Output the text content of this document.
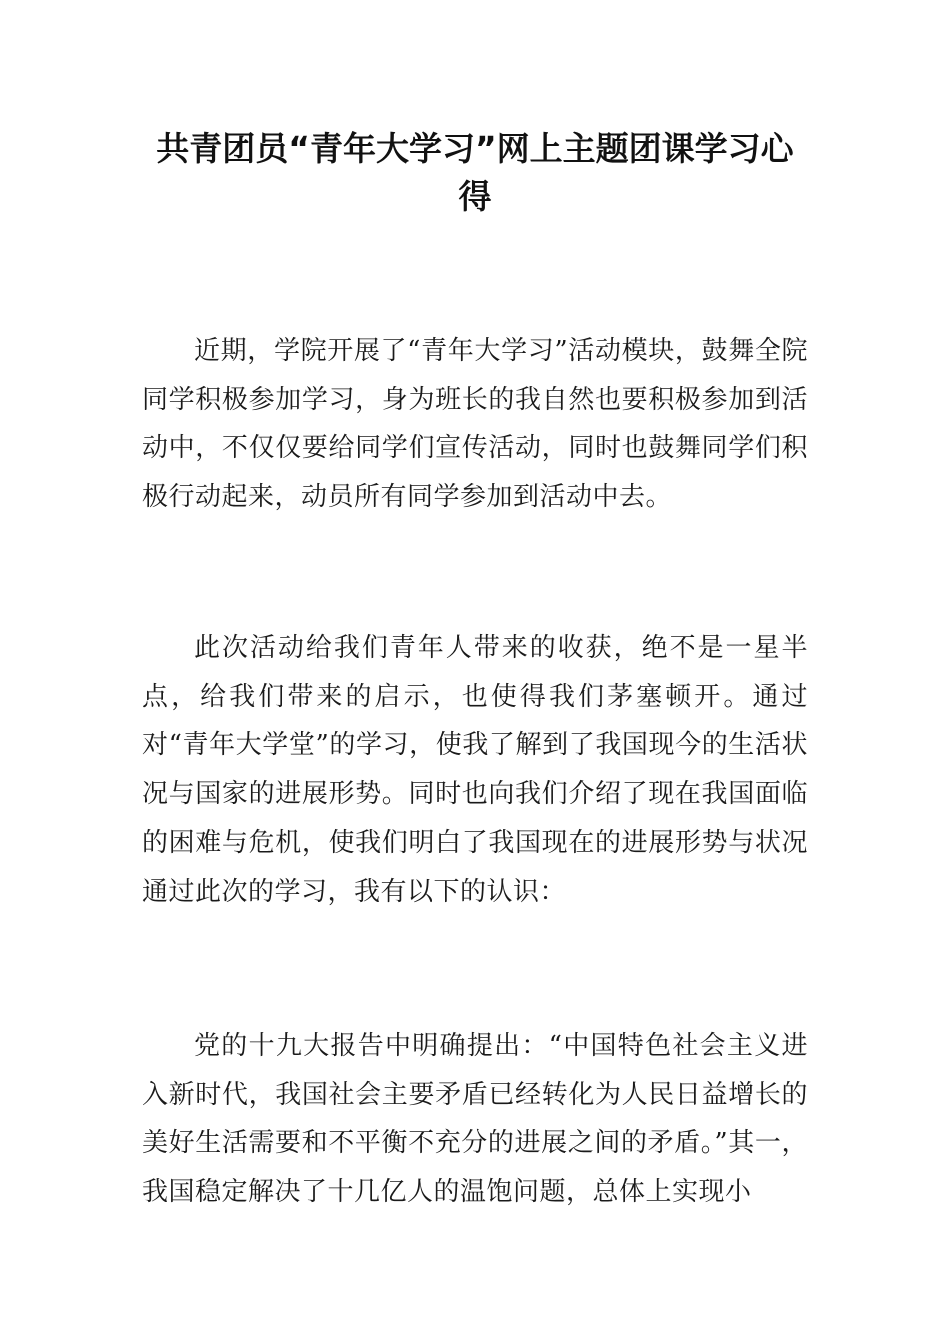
共青团员“青年大学习”网上主题团课学习心得

近期，学院开展了“青年大学习”活动模块，鼓舞全院同学积极参加学习，身为班长的我自然也要积极参加到活动中，不仅仅要给同学们宣传活动，同时也鼓舞同学们积极行动起来，动员所有同学参加到活动中去。

此次活动给我们青年人带来的收获，绝不是一星半点，给我们带来的启示，也使得我们茅塞顿开。通过对“青年大学堂”的学习，使我了解到了我国现今的生活状况与国家的进展形势。同时也向我们介绍了现在我国面临的困难与危机，使我们明白了我国现在的进展形势与状况通过此次的学习，我有以下的认识：

党的十九大报告中明确提出：“中国特色社会主义进入新时代，我国社会主要矛盾已经转化为人民日益增长的美好生活需要和不平衡不充分的进展之间的矛盾。”其一，我国稳定解决了十几亿人的温饱问题，总体上实现小
